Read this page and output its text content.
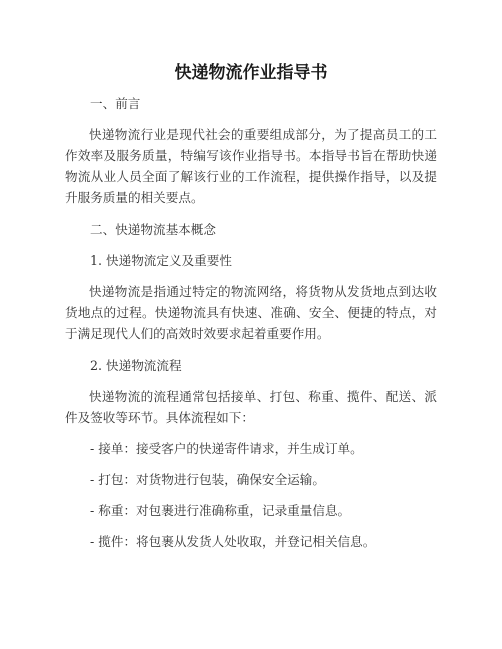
快递物流作业指导书
一、前言
快递物流行业是现代社会的重要组成部分，为了提高员工的工作效率及服务质量，特编写该作业指导书。本指导书旨在帮助快递物流从业人员全面了解该行业的工作流程，提供操作指导，以及提升服务质量的相关要点。
二、快递物流基本概念
1. 快递物流定义及重要性
快递物流是指通过特定的物流网络，将货物从发货地点到达收货地点的过程。快递物流具有快速、准确、安全、便捷的特点，对于满足现代人们的高效时效要求起着重要作用。
2. 快递物流流程
快递物流的流程通常包括接单、打包、称重、揽件、配送、派件及签收等环节。具体流程如下：
- 接单：接受客户的快递寄件请求，并生成订单。
- 打包：对货物进行包装，确保安全运输。
- 称重：对包裹进行准确称重，记录重量信息。
- 揽件：将包裹从发货人处收取，并登记相关信息。
